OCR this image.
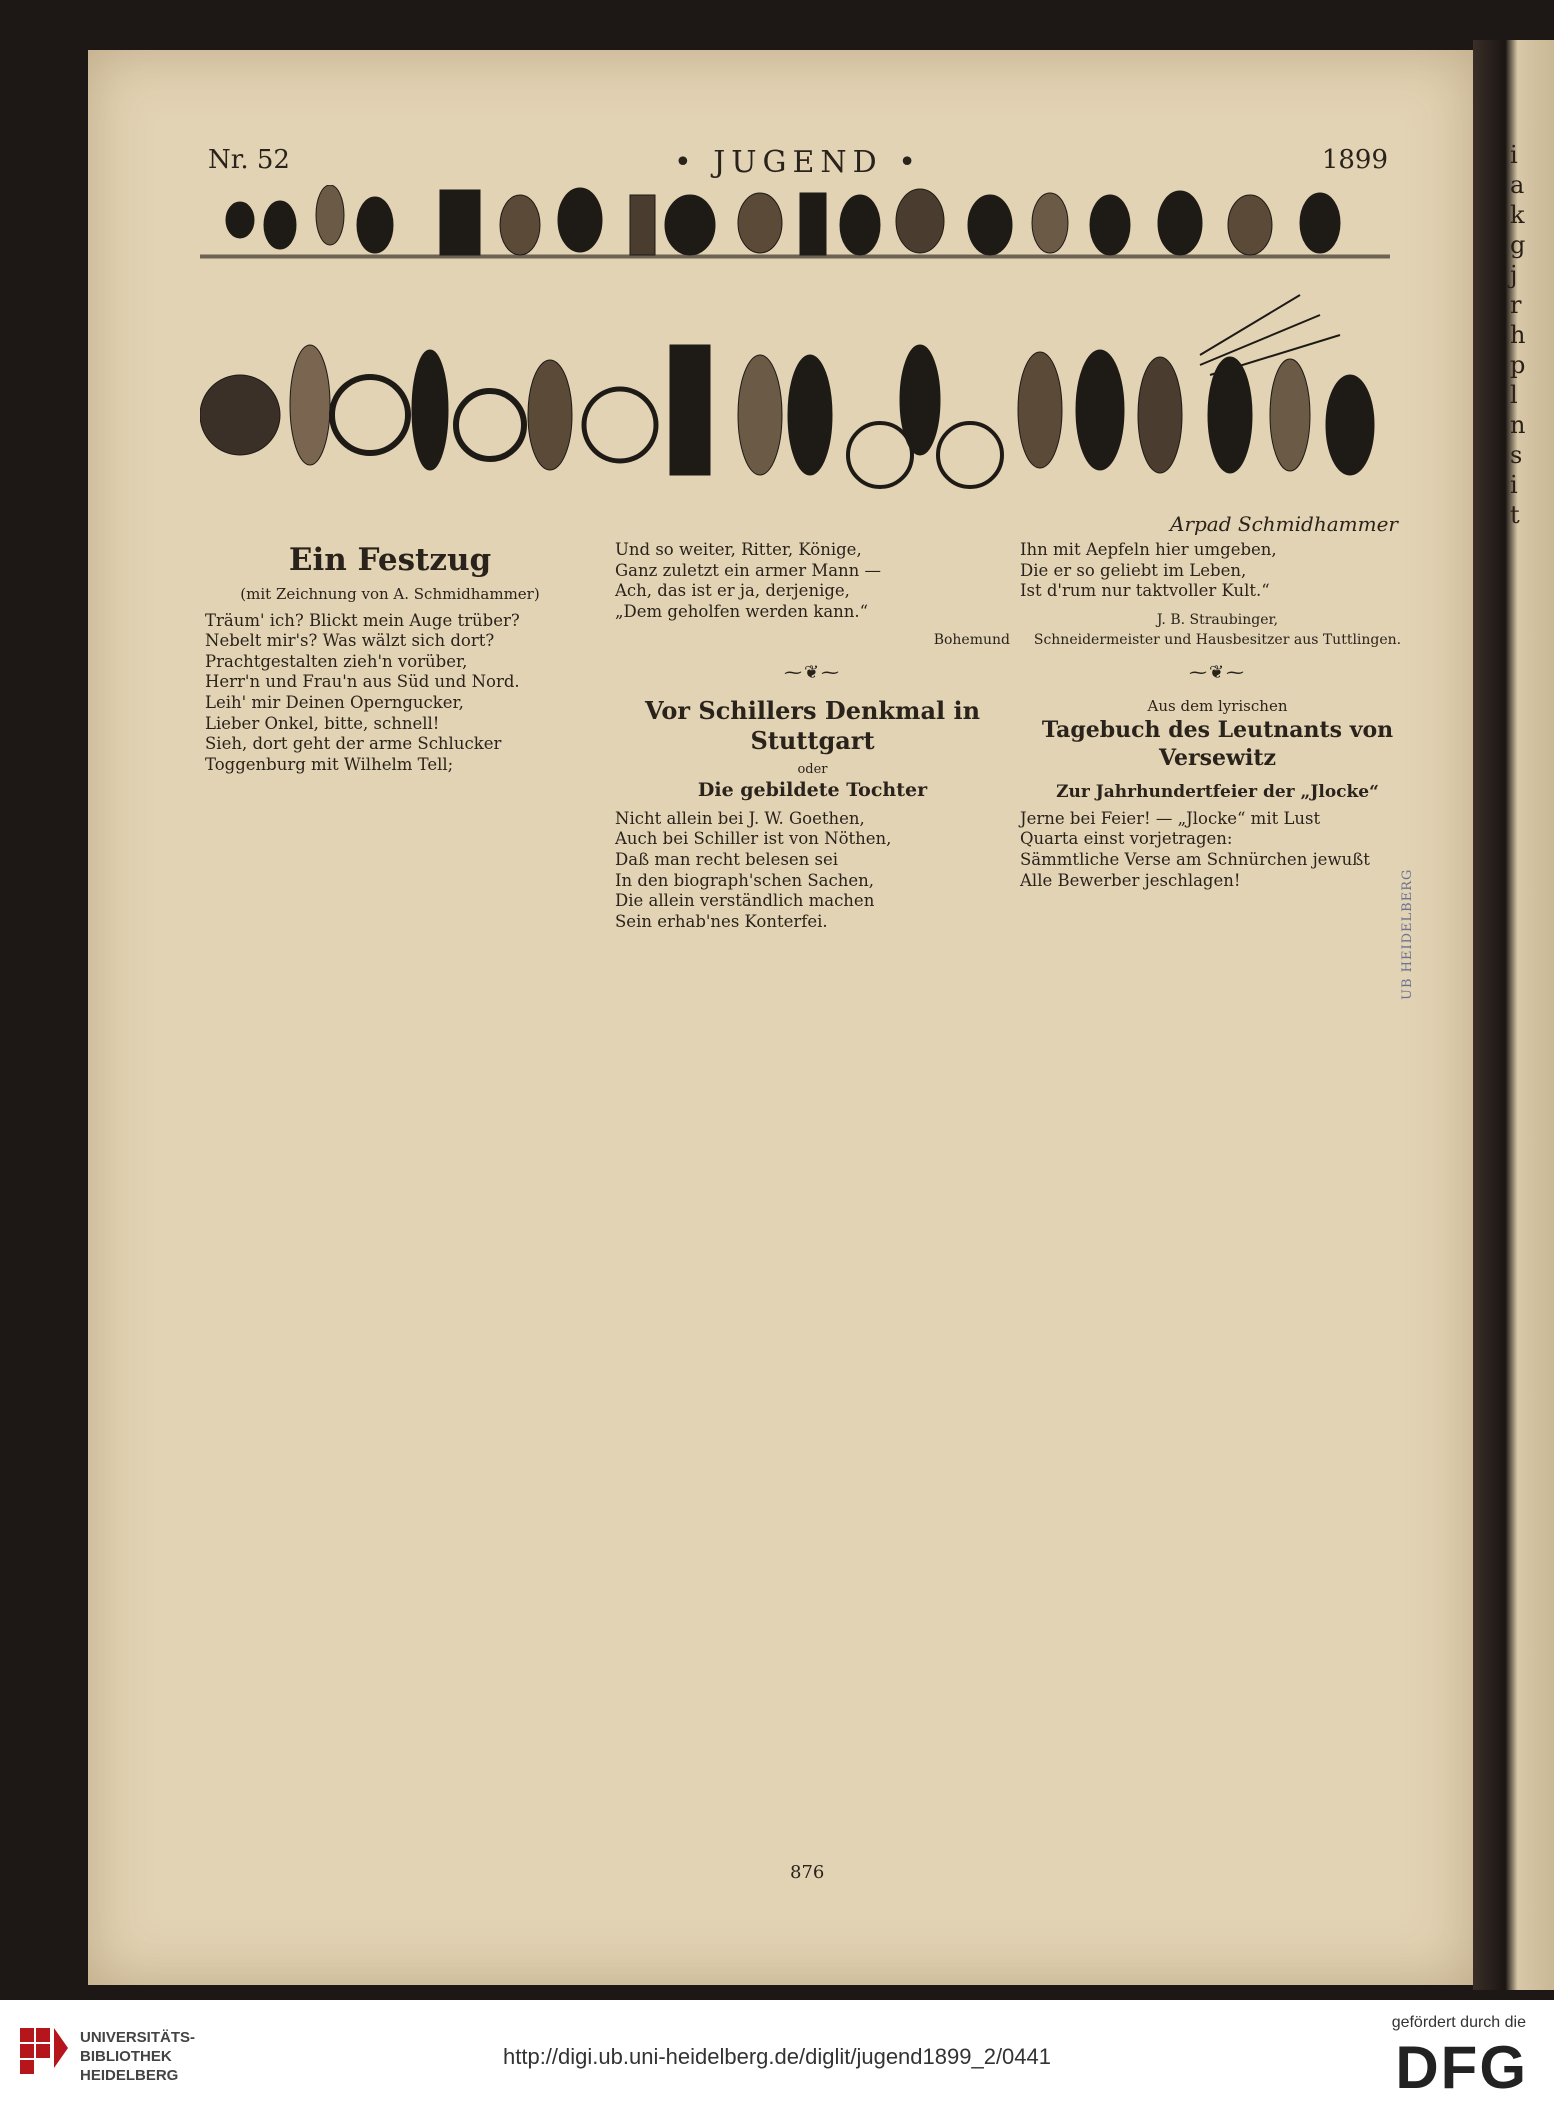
i
a
k
g
j
r
h
p
l
n
s
i
t
Nr. 52	• JUGEND •	1899
Arpad Schmidhammer
Ein Festzug
(mit Zeichnung von A. Schmidhammer)
Träum' ich? Blickt mein Auge trüber?
Nebelt mir's? Was wälzt sich dort?
Prachtgestalten zieh'n vorüber,
Herr'n und Frau'n aus Süd und Nord.
Leih' mir Deinen Operngucker,
Lieber Onkel, bitte, schnell!
Sieh, dort geht der arme Schlucker
Toggenburg mit Wilhelm Tell;
Und so weiter, Ritter, Könige,
Ganz zuletzt ein armer Mann —
Ach, das ist er ja, derjenige,
„Dem geholfen werden kann.“
Bohemund
⁓❦⁓
Vor Schillers Denkmal in Stuttgart
oder
Die gebildete Tochter
Nicht allein bei J. W. Goethen,
Auch bei Schiller ist von Nöthen,
Daß man recht belesen sei
In den biograph'schen Sachen,
Die allein verständlich machen
Sein erhab'nes Konterfei.
Ihn mit Aepfeln hier umgeben,
Die er so geliebt im Leben,
Ist d'rum nur taktvoller Kult.“
J. B. Straubinger,
Schneidermeister und Hausbesitzer aus Tuttlingen.
⁓❦⁓
Aus dem lyrischen
Tagebuch des Leutnants von Versewitz
Zur Jahrhundertfeier der „Jlocke“
Jerne bei Feier! — „Jlocke“ mit Lust
Quarta einst vorjetragen:
Sämmtliche Verse am Schnürchen jewußt
Alle Bewerber jeschlagen!	UB HEIDELBERG
876
UNIVERSITÄTS-
BIBLIOTHEK
HEIDELBERG
http://digi.ub.uni-heidelberg.de/diglit/jugend1899_2/0441
gefördert durch die
DFG
